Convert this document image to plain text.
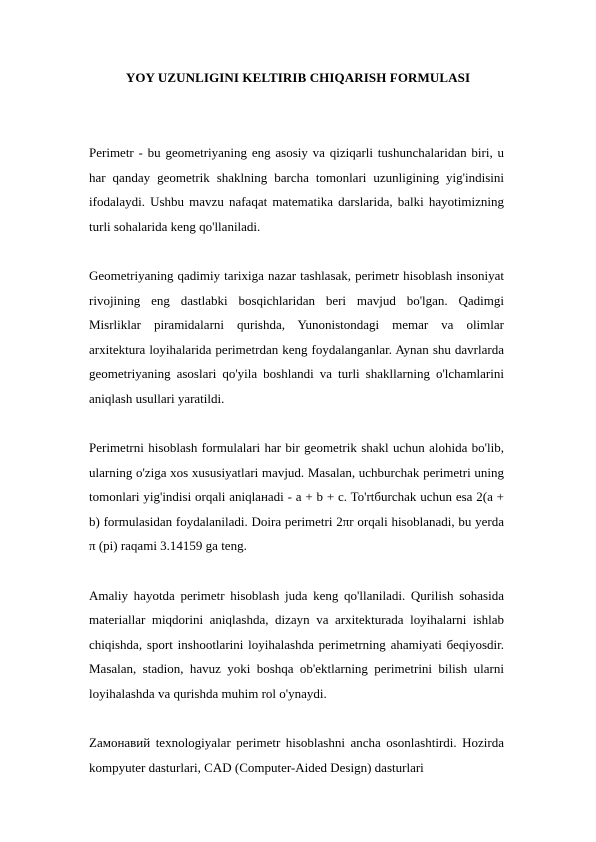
YOY UZUNLIGINI KELTIRIB CHIQARISH FORMULASI

Perimetr - bu geometriyaning eng asosiy va qiziqarli tushunchalaridan biri, u har qanday geometrik shaklning barcha tomonlari uzunligining yig'indisini ifodalaydi. Ushbu mavzu nafaqat matematika darslarida, balki hayotimizning turli sohalarida keng qo'llaniladi.

Geometriyaning qadimiy tarixiga nazar tashlasak, perimetr hisoblash insoniyat rivojining eng dastlabki bosqichlaridan beri mavjud bo'lgan. Qadimgi Misrliklar piramidalarni qurishda, Yunonistondagi memar va olimlar arxitektura loyihalarida perimetrdan keng foydalanganlar. Aynan shu davrlarda geometriyaning asoslari qo'yila boshlandi va turli shakllarning o'lchamlarini aniqlash usullari yaratildi.

Perimetrni hisoblash formulalari har bir geometrik shakl uchun alohida bo'lib, ularning o'ziga xos xususiyatlari mavjud. Masalan, uchburchak perimetri uning tomonlari yig'indisi orqali aniqlaнadi - a + b + c. To'rtбurchak uchun esa 2(a + b) formulasidan foydalaniladi. Doira perimetri 2πr orqali hisoblanadi, bu yerda π (pi) raqami 3.14159 ga teng.

Amaliy hayotda perimetr hisoblash juda keng qo'llaniladi. Qurilish sohasida materiallar miqdorini aniqlashda, dizayn va arxitekturada loyihalarni ishlab chiqishda, sport inshootlarini loyihalashda perimetrning ahamiyati беqiyosdir. Masalan, stadion, havuz yoki boshqa ob'ektlarning perimetrini bilish ularni loyihalashda va qurishda muhim rol o'ynaydi.

Zамонавий texnologiyalar perimetr hisoblashni ancha osonlashtirdi. Hozirda kompyuter dasturlari, CAD (Computer-Aided Design) dasturlari
